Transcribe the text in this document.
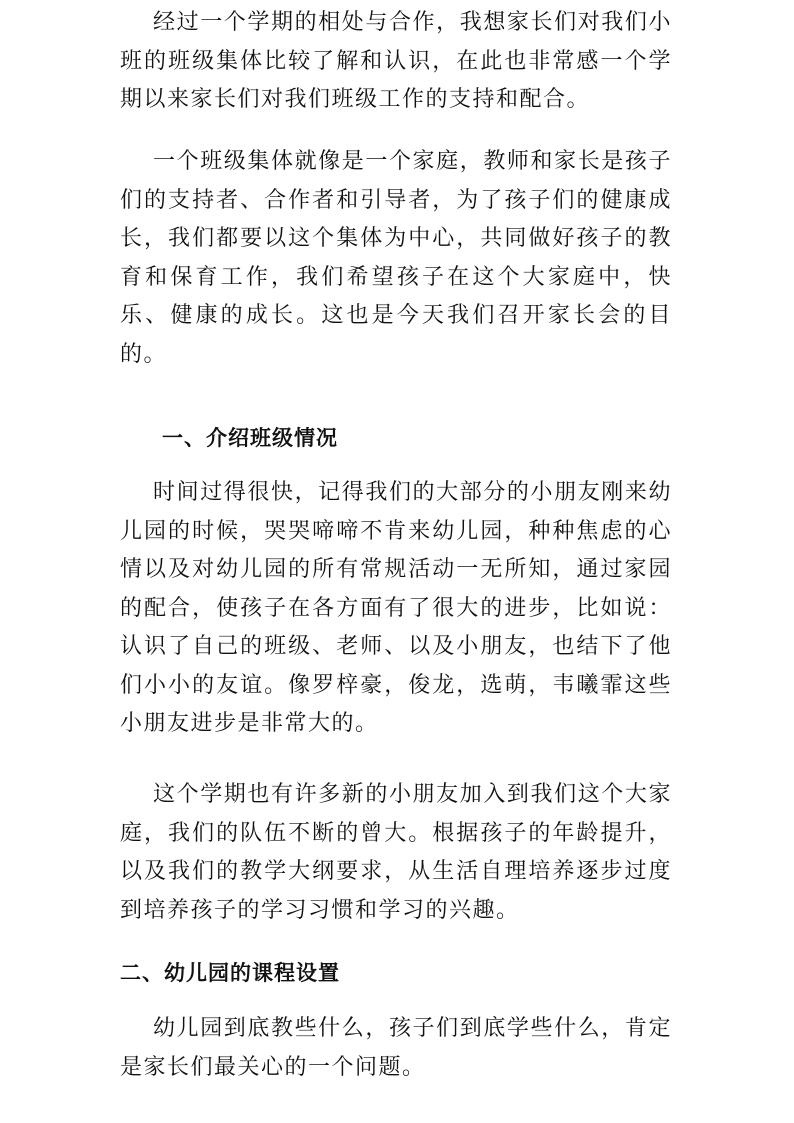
经过一个学期的相处与合作，我想家长们对我们小班的班级集体比较了解和认识，在此也非常感一个学期以来家长们对我们班级工作的支持和配合。

一个班级集体就像是一个家庭，教师和家长是孩子们的支持者、合作者和引导者，为了孩子们的健康成长，我们都要以这个集体为中心，共同做好孩子的教育和保育工作，我们希望孩子在这个大家庭中，快乐、健康的成长。这也是今天我们召开家长会的目的。

一、介绍班级情况

时间过得很快，记得我们的大部分的小朋友刚来幼儿园的时候，哭哭啼啼不肯来幼儿园，种种焦虑的心情以及对幼儿园的所有常规活动一无所知，通过家园的配合，使孩子在各方面有了很大的进步，比如说：认识了自己的班级、老师、以及小朋友，也结下了他们小小的友谊。像罗梓豪，俊龙，选萌，韦曦霏这些小朋友进步是非常大的。

这个学期也有许多新的小朋友加入到我们这个大家庭，我们的队伍不断的曾大。根据孩子的年龄提升，以及我们的教学大纲要求，从生活自理培养逐步过度到培养孩子的学习习惯和学习的兴趣。

二、幼儿园的课程设置

幼儿园到底教些什么，孩子们到底学些什么，肯定是家长们最关心的一个问题。
